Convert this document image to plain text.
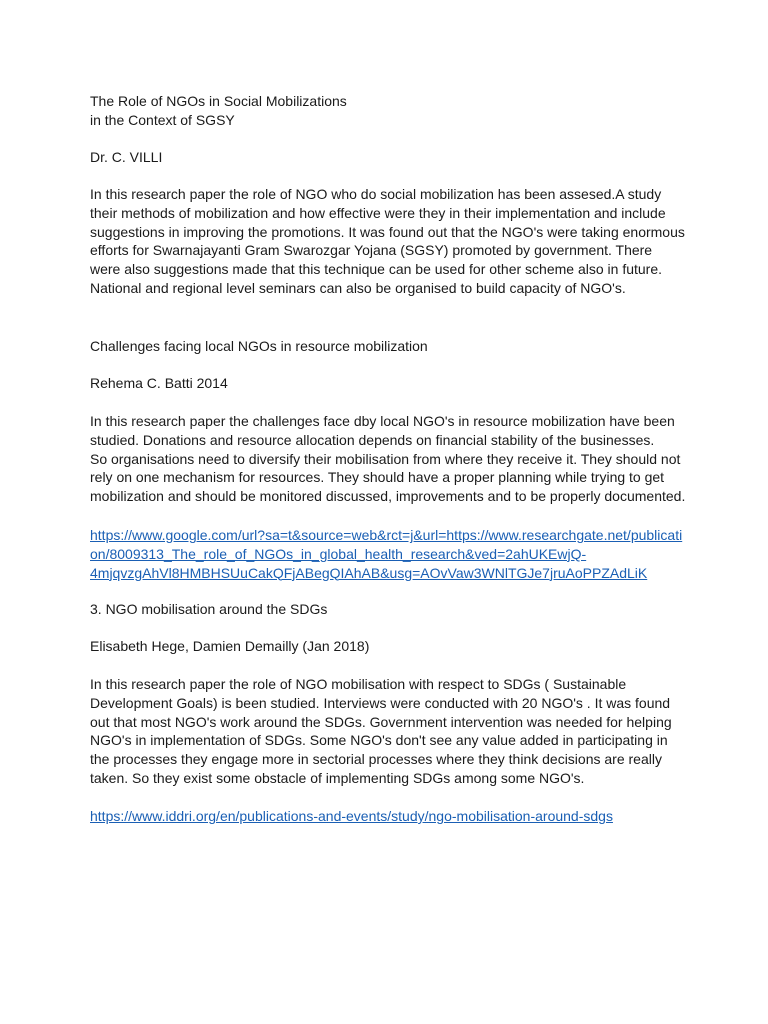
The Role of NGOs in Social Mobilizations
in the Context of SGSY
Dr. C. VILLI
In this research paper the role of NGO who do social mobilization has been assesed.A study
their methods of mobilization and how effective were they in their implementation and include
suggestions in improving the promotions. It was found out that the NGO's were taking enormous
efforts for Swarnajayanti Gram Swarozgar Yojana (SGSY) promoted by government. There
were also suggestions made that this technique can be used for other scheme also in future.
National and regional level seminars can also be organised to build capacity of NGO's.
Challenges facing local NGOs in resource mobilization
Rehema C. Batti 2014
In this research paper the challenges face dby local NGO's in resource mobilization have been
studied. Donations and resource allocation depends on financial stability of the businesses.
So organisations need to diversify their mobilisation from where they receive it. They should not
rely on one mechanism for resources. They should have a proper planning while trying to get
mobilization and should be monitored discussed, improvements and to be properly documented.
https://www.google.com/url?sa=t&source=web&rct=j&url=https://www.researchgate.net/publicati
on/8009313_The_role_of_NGOs_in_global_health_research&ved=2ahUKEwjQ-
4mjqvzgAhVl8HMBHSUuCakQFjABegQIAhAB&usg=AOvVaw3WNlTGJe7jruAoPPZAdLiK
3. NGO mobilisation around the SDGs
Elisabeth Hege, Damien Demailly (Jan 2018)
In this research paper the role of NGO mobilisation with respect to SDGs ( Sustainable
Development Goals) is been studied. Interviews were conducted with 20 NGO's . It was found
out that most NGO's work around the SDGs. Government intervention was needed for helping
NGO's in implementation of SDGs. Some NGO's don't see any value added in participating in
the processes they engage more in sectorial processes where they think decisions are really
taken. So they exist some obstacle of implementing SDGs among some NGO's.
https://www.iddri.org/en/publications-and-events/study/ngo-mobilisation-around-sdgs
